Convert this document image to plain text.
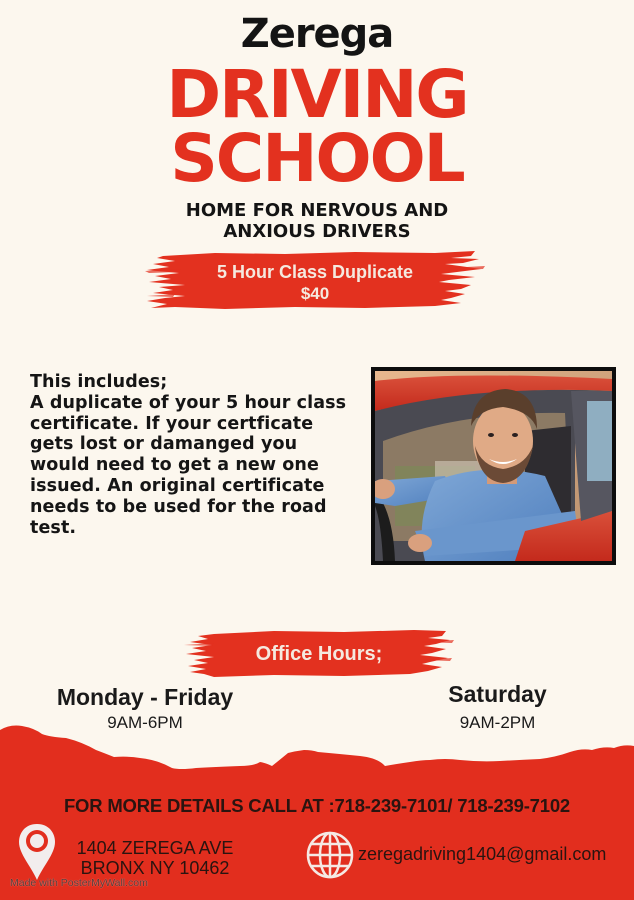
Zerega
DRIVING
SCHOOL
HOME FOR NERVOUS AND
ANXIOUS DRIVERS
5 Hour Class Duplicate
$40
This includes;
A duplicate of your 5 hour class
certificate. If your certficate
gets lost or damanged you
would need to get a new one
issued. An original certificate
needs to be used for the road
test.
Office Hours;
Monday - Friday
9AM-6PM
Saturday
9AM-2PM
FOR MORE DETAILS CALL AT :718-239-7101/ 718-239-7102
1404 ZEREGA AVE
BRONX NY 10462
zeregadriving1404@gmail.com
Made with PosterMyWall.com
